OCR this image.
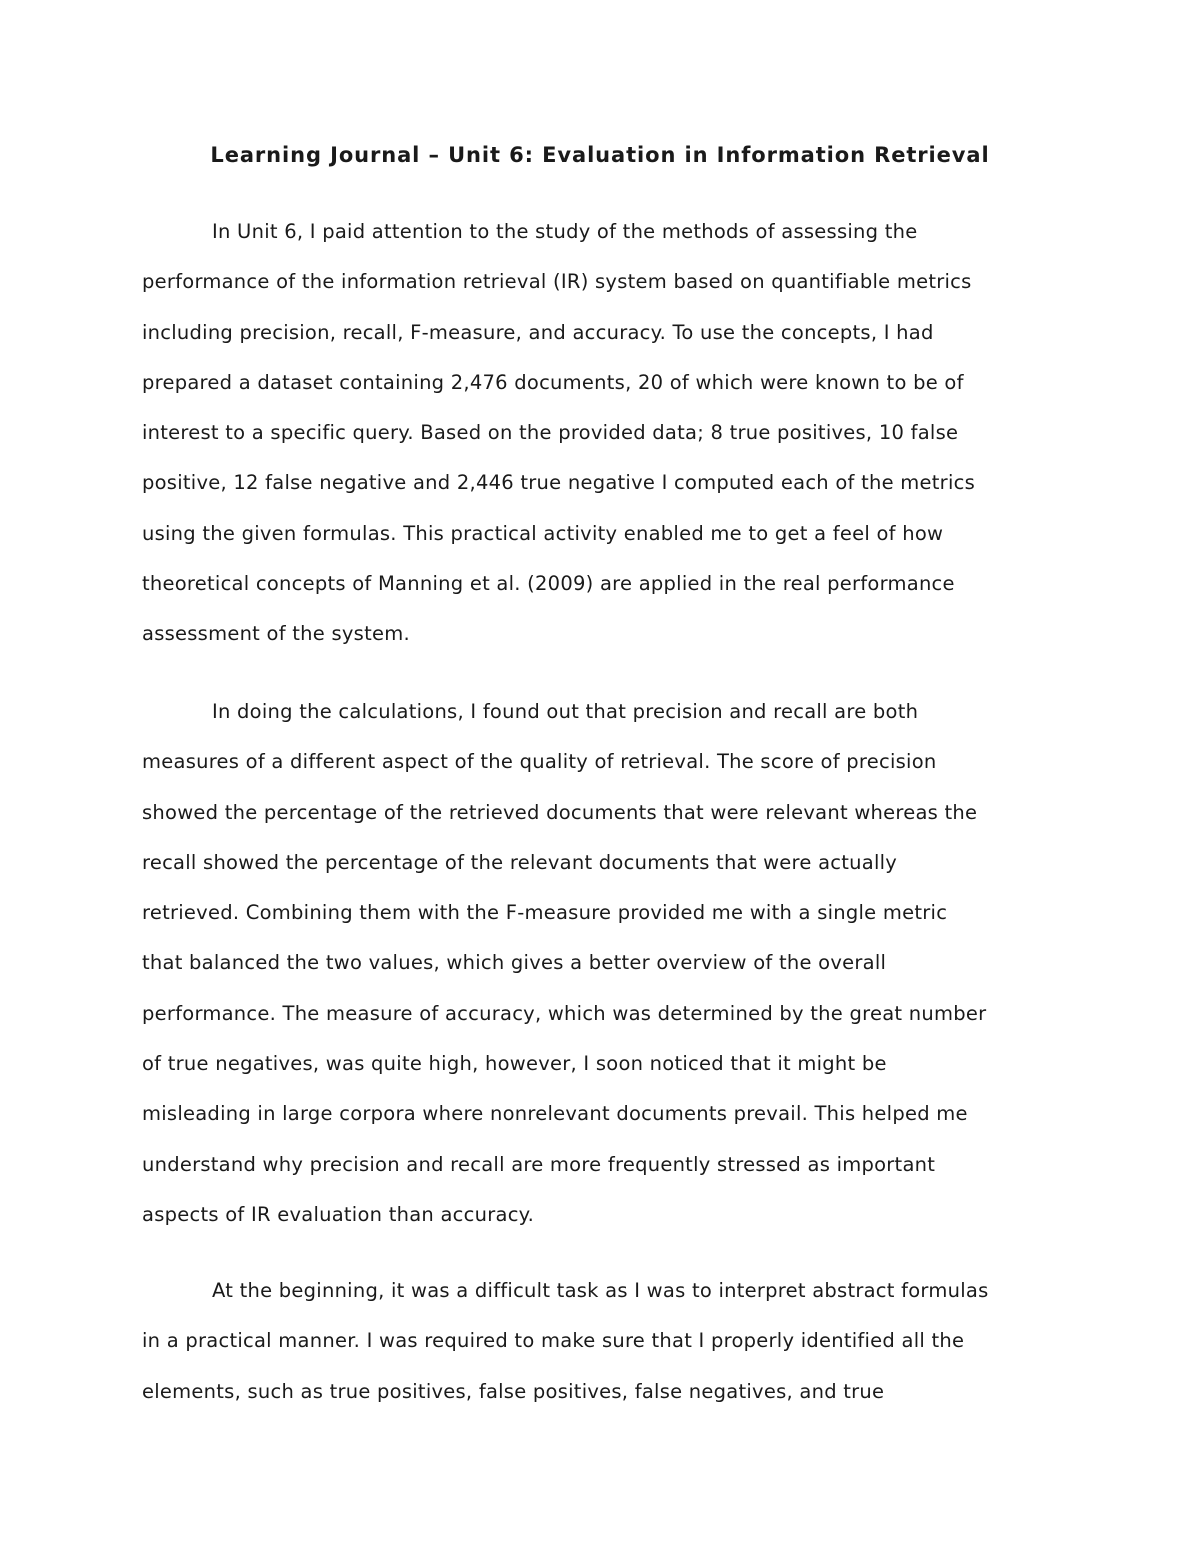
Learning Journal – Unit 6: Evaluation in Information Retrieval
In Unit 6, I paid attention to the study of the methods of assessing the
performance of the information retrieval (IR) system based on quantifiable metrics
including precision, recall, F-measure, and accuracy. To use the concepts, I had
prepared a dataset containing 2,476 documents, 20 of which were known to be of
interest to a specific query. Based on the provided data; 8 true positives, 10 false
positive, 12 false negative and 2,446 true negative I computed each of the metrics
using the given formulas. This practical activity enabled me to get a feel of how
theoretical concepts of Manning et al. (2009) are applied in the real performance
assessment of the system.
In doing the calculations, I found out that precision and recall are both
measures of a different aspect of the quality of retrieval. The score of precision
showed the percentage of the retrieved documents that were relevant whereas the
recall showed the percentage of the relevant documents that were actually
retrieved. Combining them with the F-measure provided me with a single metric
that balanced the two values, which gives a better overview of the overall
performance. The measure of accuracy, which was determined by the great number
of true negatives, was quite high, however, I soon noticed that it might be
misleading in large corpora where nonrelevant documents prevail. This helped me
understand why precision and recall are more frequently stressed as important
aspects of IR evaluation than accuracy.
At the beginning, it was a difficult task as I was to interpret abstract formulas
in a practical manner. I was required to make sure that I properly identified all the
elements, such as true positives, false positives, false negatives, and true
